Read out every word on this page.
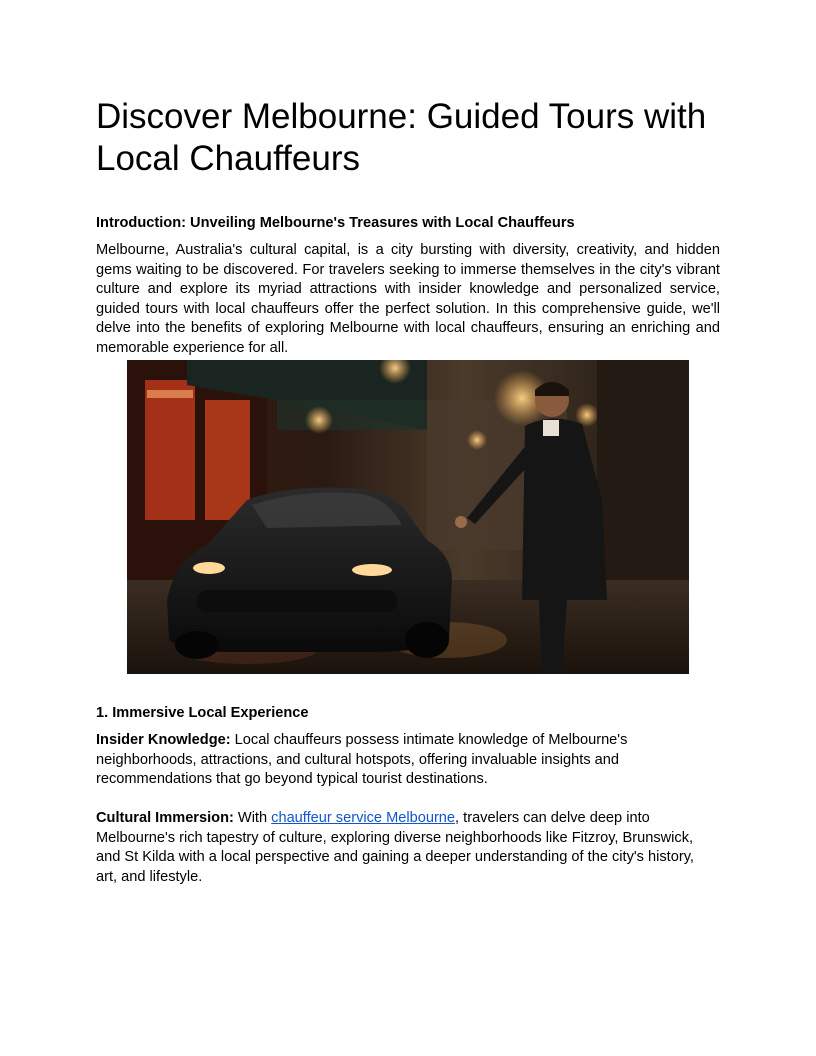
Discover Melbourne: Guided Tours with Local Chauffeurs
Introduction: Unveiling Melbourne's Treasures with Local Chauffeurs

Melbourne, Australia's cultural capital, is a city bursting with diversity, creativity, and hidden gems waiting to be discovered. For travelers seeking to immerse themselves in the city's vibrant culture and explore its myriad attractions with insider knowledge and personalized service, guided tours with local chauffeurs offer the perfect solution. In this comprehensive guide, we'll delve into the benefits of exploring Melbourne with local chauffeurs, ensuring an enriching and memorable experience for all.

1. Immersive Local Experience

Insider Knowledge: Local chauffeurs possess intimate knowledge of Melbourne's neighborhoods, attractions, and cultural hotspots, offering invaluable insights and recommendations that go beyond typical tourist destinations.

Cultural Immersion: With chauffeur service Melbourne, travelers can delve deep into Melbourne's rich tapestry of culture, exploring diverse neighborhoods like Fitzroy, Brunswick, and St Kilda with a local perspective and gaining a deeper understanding of the city's history, art, and lifestyle.
